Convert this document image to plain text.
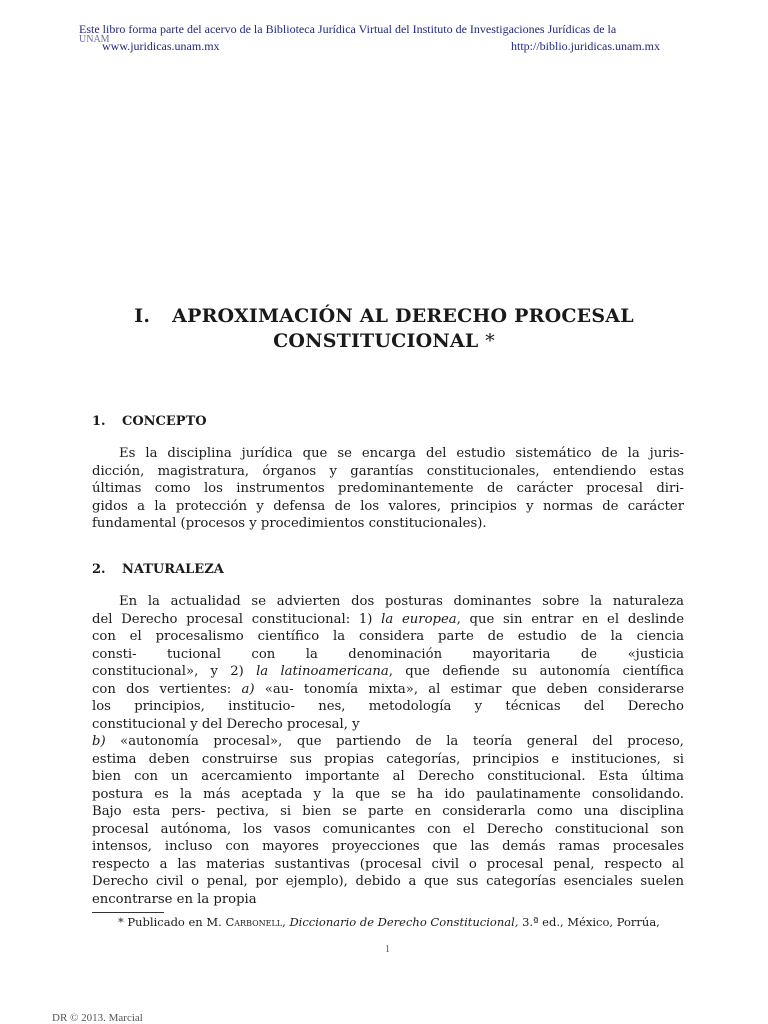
Este libro forma parte del acervo de la Biblioteca Jurídica Virtual del Instituto de Investigaciones Jurídicas de la
UNAM
www.juridicas.unam.mx	http://biblio.juridicas.unam.mx
I. APROXIMACIÓN AL DERECHO PROCESAL
CONSTITUCIONAL *
1. CONCEPTO
Es la disciplina jurídica que se encarga del estudio sistemático de la juris-
dicción, magistratura, órganos y garantías constitucionales, entendiendo estas
últimas como los instrumentos predominantemente de carácter procesal diri-
gidos a la protección y defensa de los valores, principios y normas de carácter
fundamental (procesos y procedimientos constitucionales).
2. NATURALEZA
En la actualidad se advierten dos posturas dominantes sobre la naturaleza
del Derecho procesal constitucional: 1) la europea, que sin entrar en el deslinde
con el procesalismo científico la considera parte de estudio de la ciencia
consti- tucional con la denominación mayoritaria de «justicia
constitucional», y 2) la latinoamericana, que defiende su autonomía científica
con dos vertientes: a) «au- tonomía mixta», al estimar que deben considerarse
los principios, institucio- nes, metodología y técnicas del Derecho
constitucional y del Derecho procesal, y
b) «autonomía procesal», que partiendo de la teoría general del proceso,
estima deben construirse sus propias categorías, principios e instituciones, si
bien con un acercamiento importante al Derecho constitucional. Esta última
postura es la más aceptada y la que se ha ido paulatinamente consolidando.
Bajo esta pers- pectiva, si bien se parte en considerarla como una disciplina
procesal autónoma, los vasos comunicantes con el Derecho constitucional son
intensos, incluso con mayores proyecciones que las demás ramas procesales
respecto a las materias sustantivas (procesal civil o procesal penal, respecto al
Derecho civil o penal, por ejemplo), debido a que sus categorías esenciales suelen
encontrarse en la propia
* Publicado en M. Carbonell, Diccionario de Derecho Constitucional, 3.ª ed., México, Porrúa,
1
DR © 2013. Marcial
